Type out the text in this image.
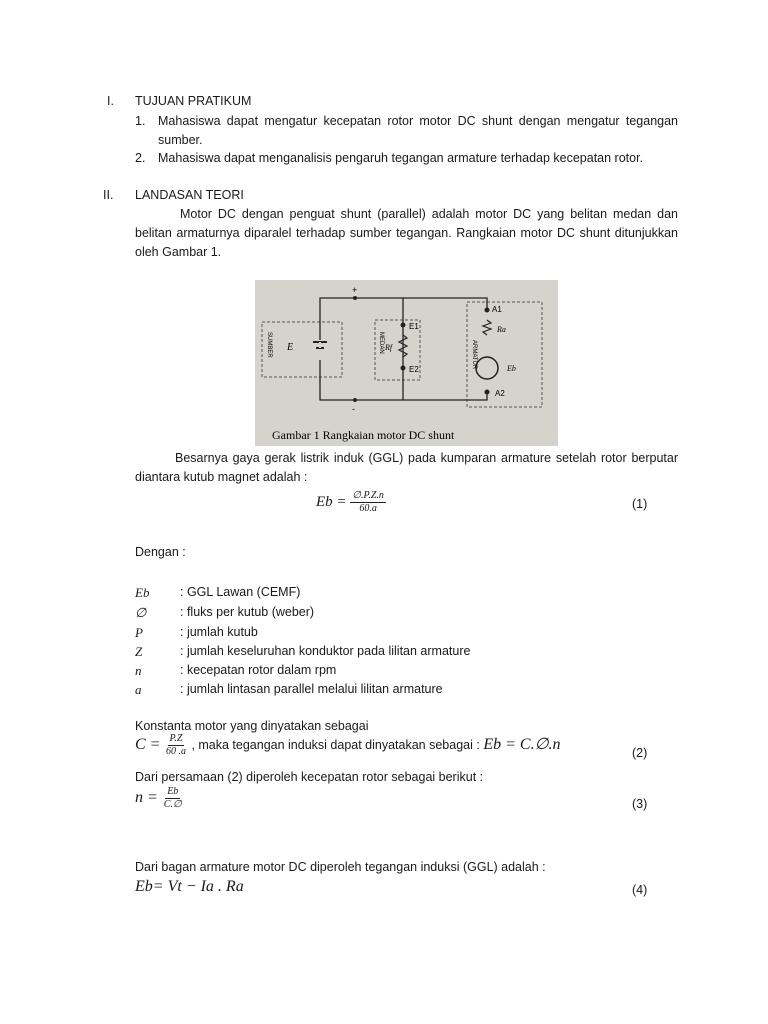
I. TUJUAN PRATIKUM
1. Mahasiswa dapat mengatur kecepatan rotor motor DC shunt dengan mengatur tegangan
sumber.
2. Mahasiswa dapat menganalisis pengaruh tegangan armature terhadap kecepatan rotor.
II. LANDASAN TEORI
Motor DC dengan penguat shunt (parallel) adalah motor DC yang belitan medan dan
belitan armaturnya diparalel terhadap sumber tegangan. Rangkaian motor DC shunt ditunjukkan
oleh Gambar 1.
+
-
E
E1
E2
Rf
A1
Ra
Eb
A2
SUMBER	MEDAN	ARMATUR
Gambar 1 Rangkaian motor DC shunt
Besarnya gaya gerak listrik induk (GGL) pada kumparan armature setelah rotor berputar
diantara kutub magnet adalah :
$Eb = \frac{\emptyset.P.Z.n}{60.a}$	(1)
Dengan :
Eb : GGL Lawan (CEMF)
∅	: fluks per kutub (weber)
P	: jumlah kutub
Z	: jumlah keseluruhan konduktor pada lilitan armature
n	: kecepatan rotor dalam rpm
a	: jumlah lintasan parallel melalui lilitan armature
Konstanta motor yang dinyatakan sebagai
$C = \frac{P.Z}{60 .a}$ , maka tegangan induksi dapat dinyatakan sebagai : Eb = C.∅.n
(2)
Dari persamaan (2) diperoleh kecepatan rotor sebagai berikut :
$n = \frac{Eb}{C.\emptyset}$	(3)
Dari bagan armature motor DC diperoleh tegangan induksi (GGL) adalah :
Eb= Vt − Ia . Ra	(4)
